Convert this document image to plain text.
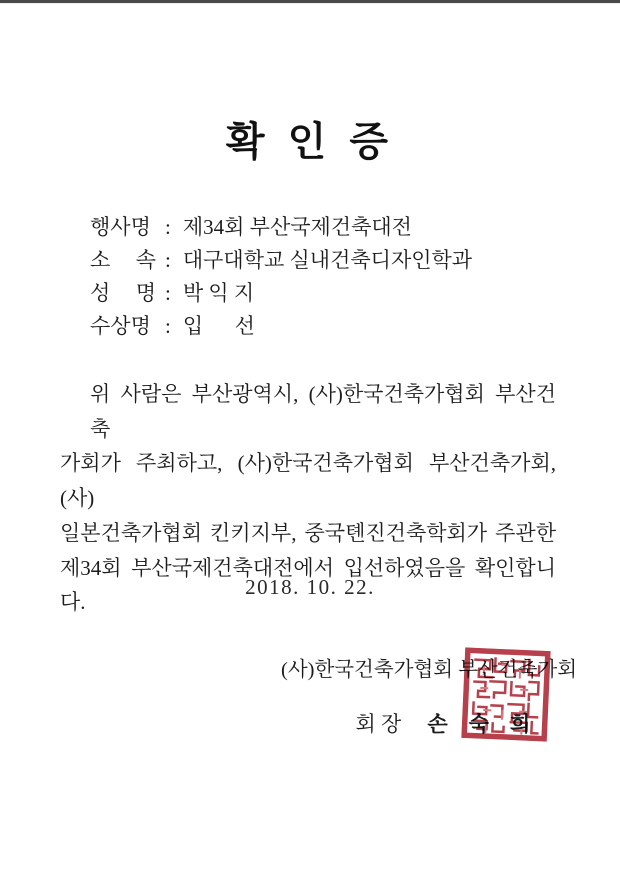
확 인 증
행사명 : 제34회 부산국제건축대전
소 속 : 대구대학교 실내건축디자인학과
성 명 : 박 익 지
수상명 : 입      선
위 사람은 부산광역시, (사)한국건축가협회 부산건축
가회가 주최하고, (사)한국건축가협회 부산건축가회, (사)
일본건축가협회 킨키지부, 중국톈진건축학회가 주관한
제34회 부산국제건축대전에서 입선하였음을 확인합니다.
2018. 10. 22.
(사)한국건축가협회 부산건축가회

회 장 손    숙    희
